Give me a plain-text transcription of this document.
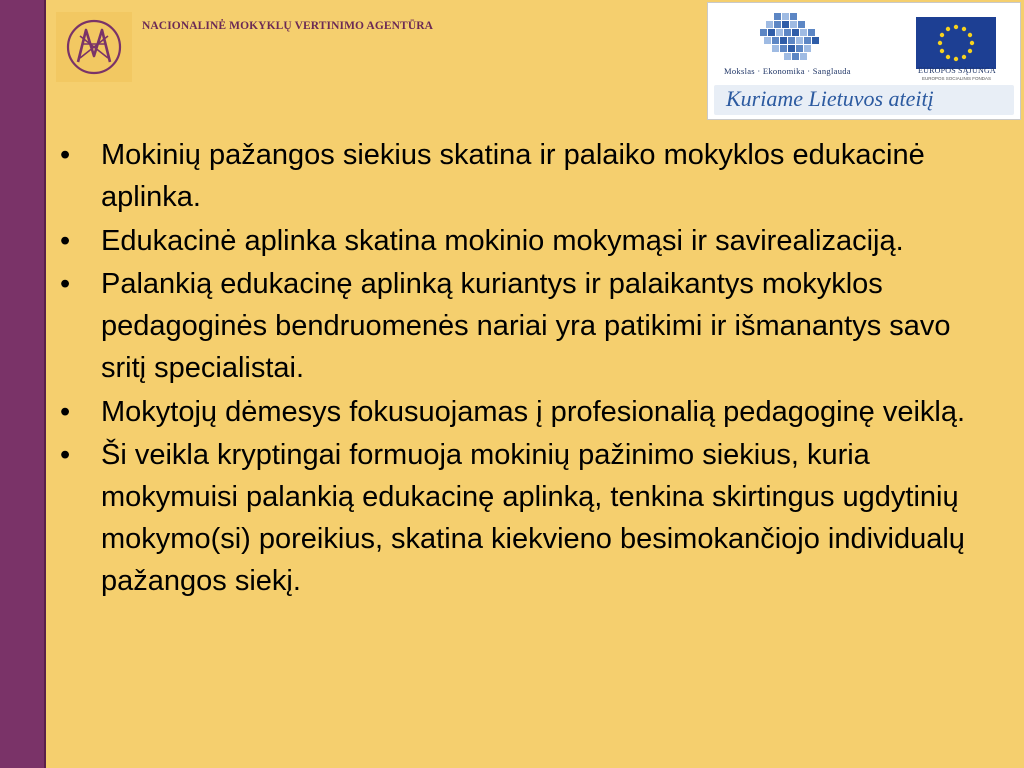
NACIONALINĖ MOKYKLŲ VERTINIMO AGENTŪRA
Mokslas · Ekonomika · Sanglauda	EUROPOS SĄJUNGA
EUROPOS SOCIALINIS FONDAS
Kuriame Lietuvos ateitį
• Mokinių pažangos siekius skatina ir palaiko mokyklos edukacinė aplinka.
• Edukacinė aplinka skatina mokinio mokymąsi ir savirealizaciją.
• Palankią edukacinę aplinką kuriantys ir palaikantys mokyklos pedagoginės bendruomenės nariai yra patikimi ir išmanantys savo sritį specialistai.
• Mokytojų dėmesys fokusuojamas į profesionalią pedagoginę veiklą.
• Ši veikla kryptingai formuoja mokinių pažinimo siekius, kuria mokymuisi palankią edukacinę aplinką, tenkina skirtingus ugdytinių mokymo(si) poreikius, skatina kiekvieno besimokančiojo individualų pažangos siekį.
